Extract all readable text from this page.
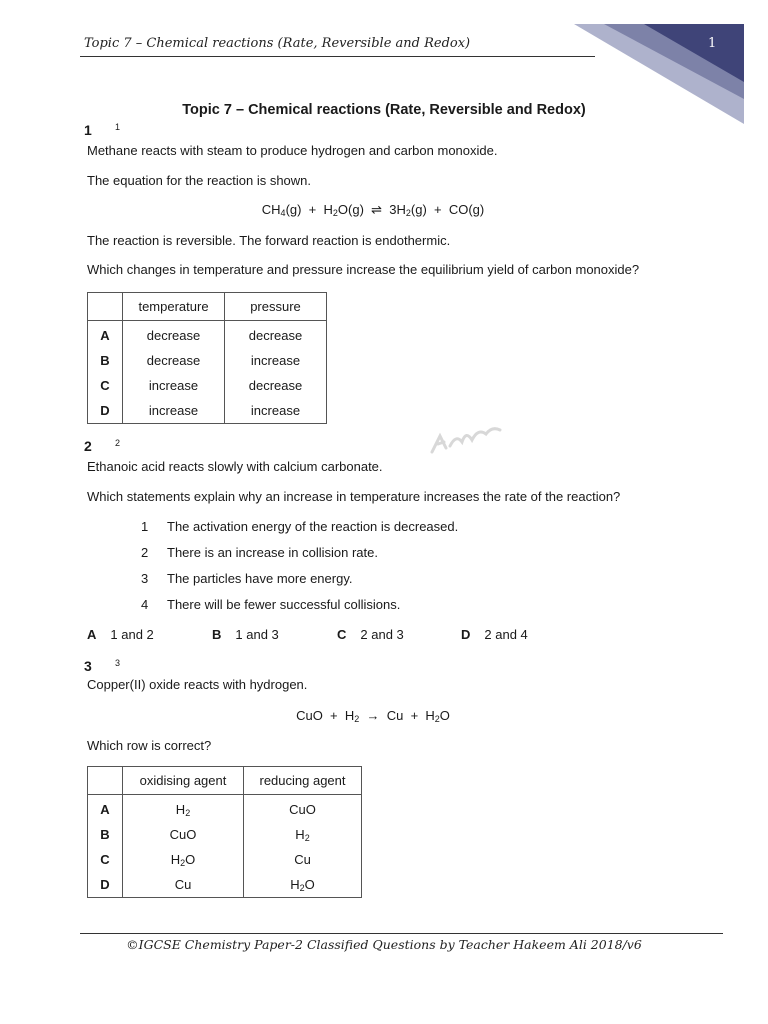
Topic 7 – Chemical reactions (Rate, Reversible and Redox)	1
Topic 7 – Chemical reactions (Rate, Reversible and Redox)
1	1
Methane reacts with steam to produce hydrogen and carbon monoxide.
The equation for the reaction is shown.
$CH_4(g) + H_2O(g)$  ⇌  $3H_2(g) + CO(g)$
The reaction is reversible. The forward reaction is endothermic.
Which changes in temperature and pressure increase the equilibrium yield of carbon monoxide?
	temperature	pressure
A	decrease	decrease
B	decrease	increase
C	increase	decrease
D	increase	increase
2	2
Ethanoic acid reacts slowly with calcium carbonate.
Which statements explain why an increase in temperature increases the rate of the reaction?
1 The activation energy of the reaction is decreased.
2 There is an increase in collision rate.
3 The particles have more energy.
4 There will be fewer successful collisions.
A 1 and 2	B 1 and 3	C 2 and 3	D 2 and 4
3	3
Copper(II) oxide reacts with hydrogen.
CuO  +  $H_2 \to Cu + H_2O$
Which row is correct?
	oxidising agent	reducing agent
A	$H_2$	CuO
B	CuO	$H_2$
C	$H_2O$	Cu
D	Cu	$H_2O$
©IGCSE Chemistry Paper-2 Classified Questions by Teacher Hakeem Ali 2018/v6
